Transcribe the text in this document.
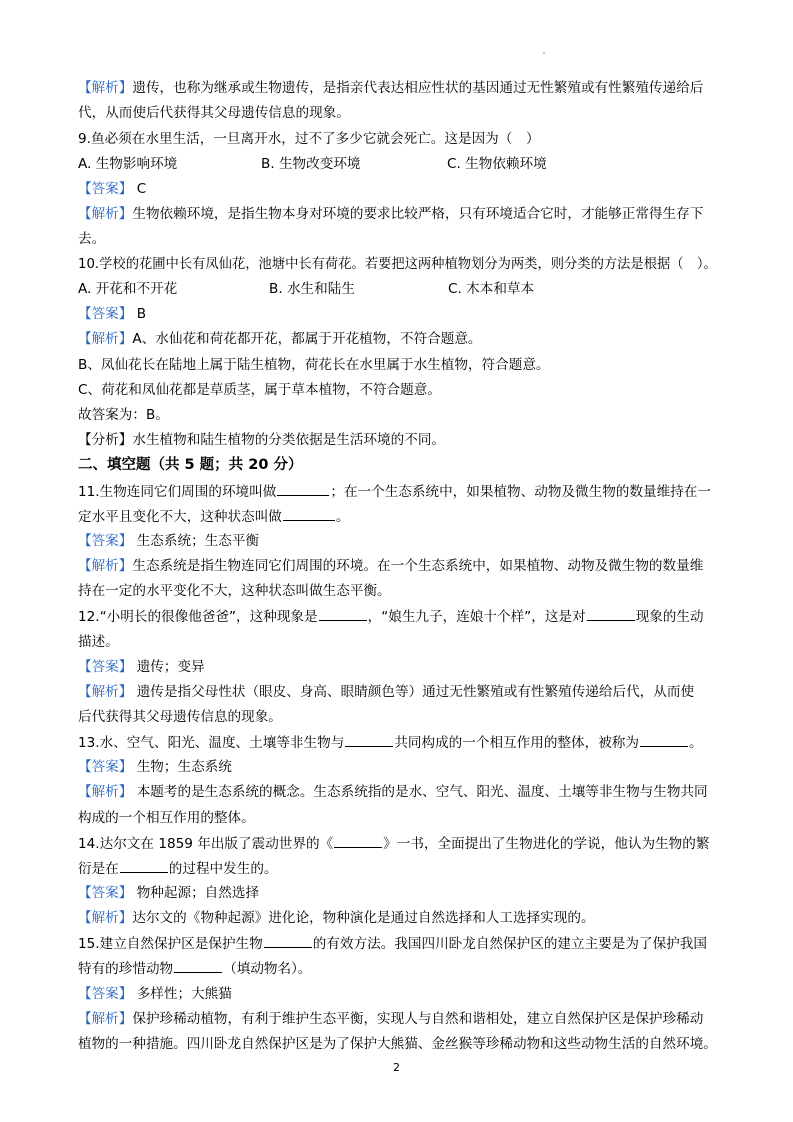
【解析】遗传，也称为继承或生物遗传，是指亲代表达相应性状的基因通过无性繁殖或有性繁殖传递给后
代，从而使后代获得其父母遗传信息的现象。
9.鱼必须在水里生活，一旦离开水，过不了多少它就会死亡。这是因为（　）
A. 生物影响环境	B. 生物改变环境	C. 生物依赖环境
【答案】 C
【解析】生物依赖环境，是指生物本身对环境的要求比较严格，只有环境适合它时，才能够正常得生存下
去。
10.学校的花圃中长有凤仙花，池塘中长有荷花。若要把这两种植物划分为两类，则分类的方法是根据（　）。
A. 开花和不开花	B. 水生和陆生	C. 木本和草本
【答案】 B
【解析】A、水仙花和荷花都开花，都属于开花植物，不符合题意。
B、凤仙花长在陆地上属于陆生植物，荷花长在水里属于水生植物，符合题意。
C、荷花和凤仙花都是草质茎，属于草本植物，不符合题意。
故答案为：B。
【分析】水生植物和陆生植物的分类依据是生活环境的不同。
二、填空题（共 5 题；共 20 分）
11.生物连同它们周围的环境叫做	；在一个生态系统中，如果植物、动物及微生物的数量维持在一
定水平且变化不大，这种状态叫做	。
【答案】 生态系统；生态平衡
【解析】生态系统是指生物连同它们周围的环境。在一个生态系统中，如果植物、动物及微生物的数量维
持在一定的水平变化不大，这种状态叫做生态平衡。
12.“小明长的很像他爸爸”，这种现象是	，“娘生九子，连娘十个样”，这是对	现象的生动
描述。
【答案】 遗传；变异
【解析】 遗传是指父母性状（眼皮、身高、眼睛颜色等）通过无性繁殖或有性繁殖传递给后代，从而使
后代获得其父母遗传信息的现象。
13.水、空气、阳光、温度、土壤等非生物与	共同构成的一个相互作用的整体，被称为	。
【答案】 生物；生态系统
【解析】 本题考的是生态系统的概念。生态系统指的是水、空气、阳光、温度、土壤等非生物与生物共同
构成的一个相互作用的整体。
14.达尔文在 1859 年出版了震动世界的《	》一书，全面提出了生物进化的学说，他认为生物的繁
衍是在	的过程中发生的。
【答案】 物种起源；自然选择
【解析】达尔文的《物种起源》进化论，物种演化是通过自然选择和人工选择实现的。
15.建立自然保护区是保护生物	的有效方法。我国四川卧龙自然保护区的建立主要是为了保护我国
特有的珍惜动物	（填动物名）。
【答案】 多样性；大熊猫
【解析】保护珍稀动植物，有利于维护生态平衡，实现人与自然和谐相处，建立自然保护区是保护珍稀动
植物的一种措施。四川卧龙自然保护区是为了保护大熊猫、金丝猴等珍稀动物和这些动物生活的自然环境。
2
